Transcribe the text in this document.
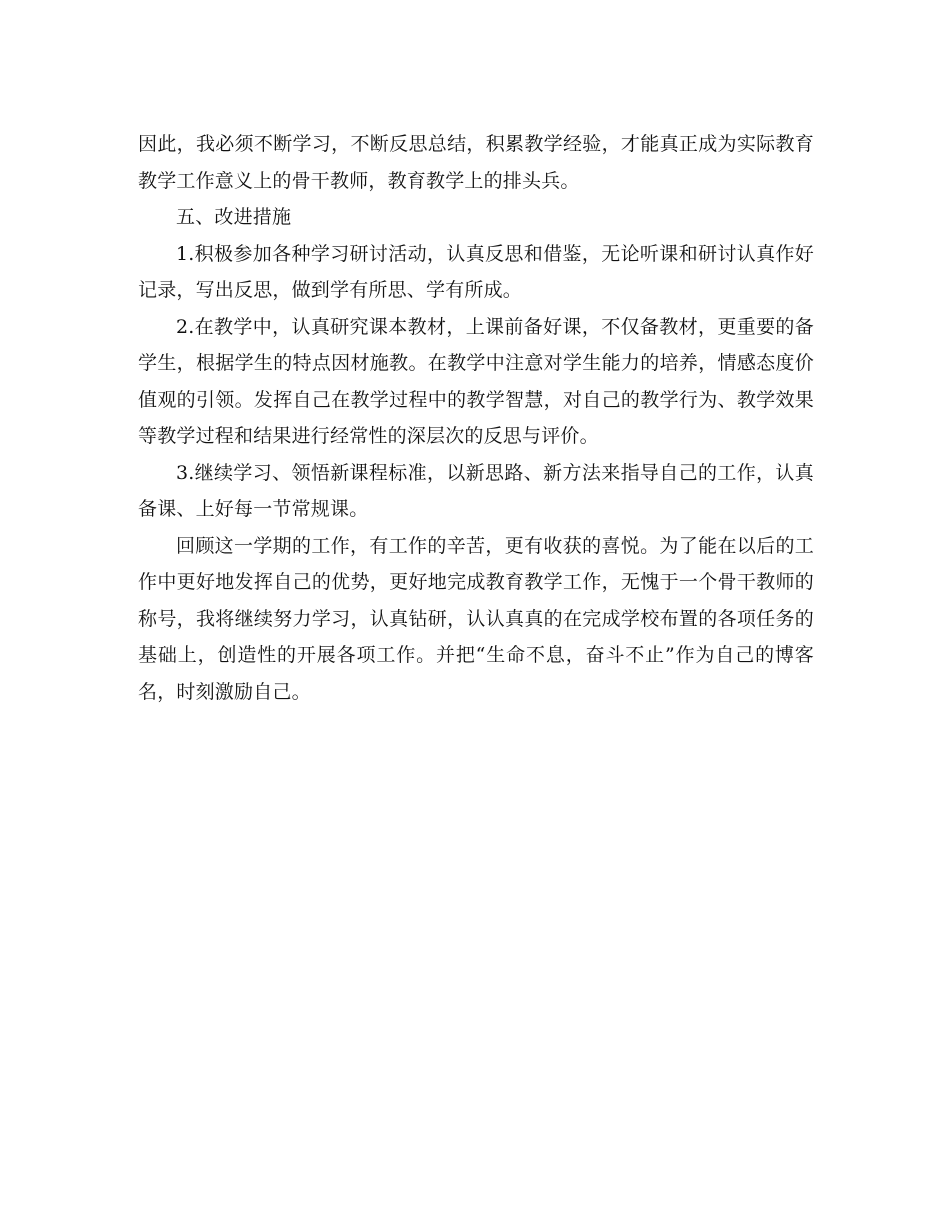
因此，我必须不断学习，不断反思总结，积累教学经验，才能真正成为实际教育教学工作意义上的骨干教师，教育教学上的排头兵。

五、改进措施

1.积极参加各种学习研讨活动，认真反思和借鉴，无论听课和研讨认真作好记录，写出反思，做到学有所思、学有所成。

2.在教学中，认真研究课本教材，上课前备好课，不仅备教材，更重要的备学生，根据学生的特点因材施教。在教学中注意对学生能力的培养，情感态度价值观的引领。发挥自己在教学过程中的教学智慧，对自己的教学行为、教学效果等教学过程和结果进行经常性的深层次的反思与评价。

3.继续学习、领悟新课程标准，以新思路、新方法来指导自己的工作，认真备课、上好每一节常规课。

回顾这一学期的工作，有工作的辛苦，更有收获的喜悦。为了能在以后的工作中更好地发挥自己的优势，更好地完成教育教学工作，无愧于一个骨干教师的称号，我将继续努力学习，认真钻研，认认真真的在完成学校布置的各项任务的基础上，创造性的开展各项工作。并把“生命不息，奋斗不止”作为自己的博客名，时刻激励自己。
